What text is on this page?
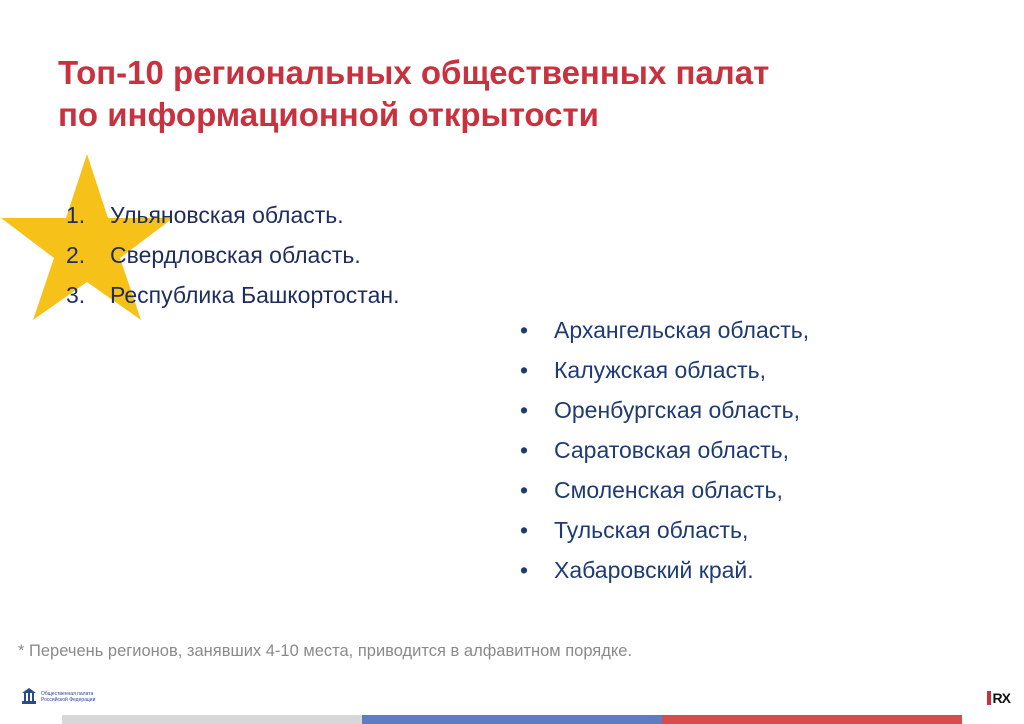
Топ-10 региональных общественных палат
по информационной открытости
1.	Ульяновская область.
2.	Свердловская область.
3.	Республика Башкортостан.
•	Архангельская область,
•	Калужская область,
•	Оренбургская область,
•	Саратовская область,
•	Смоленская область,
•	Тульская область,
•	Хабаровский край.
* Перечень регионов, занявших 4-10 места, приводится в алфавитном порядке.
Общественная палата
Российской Федерации	RX
